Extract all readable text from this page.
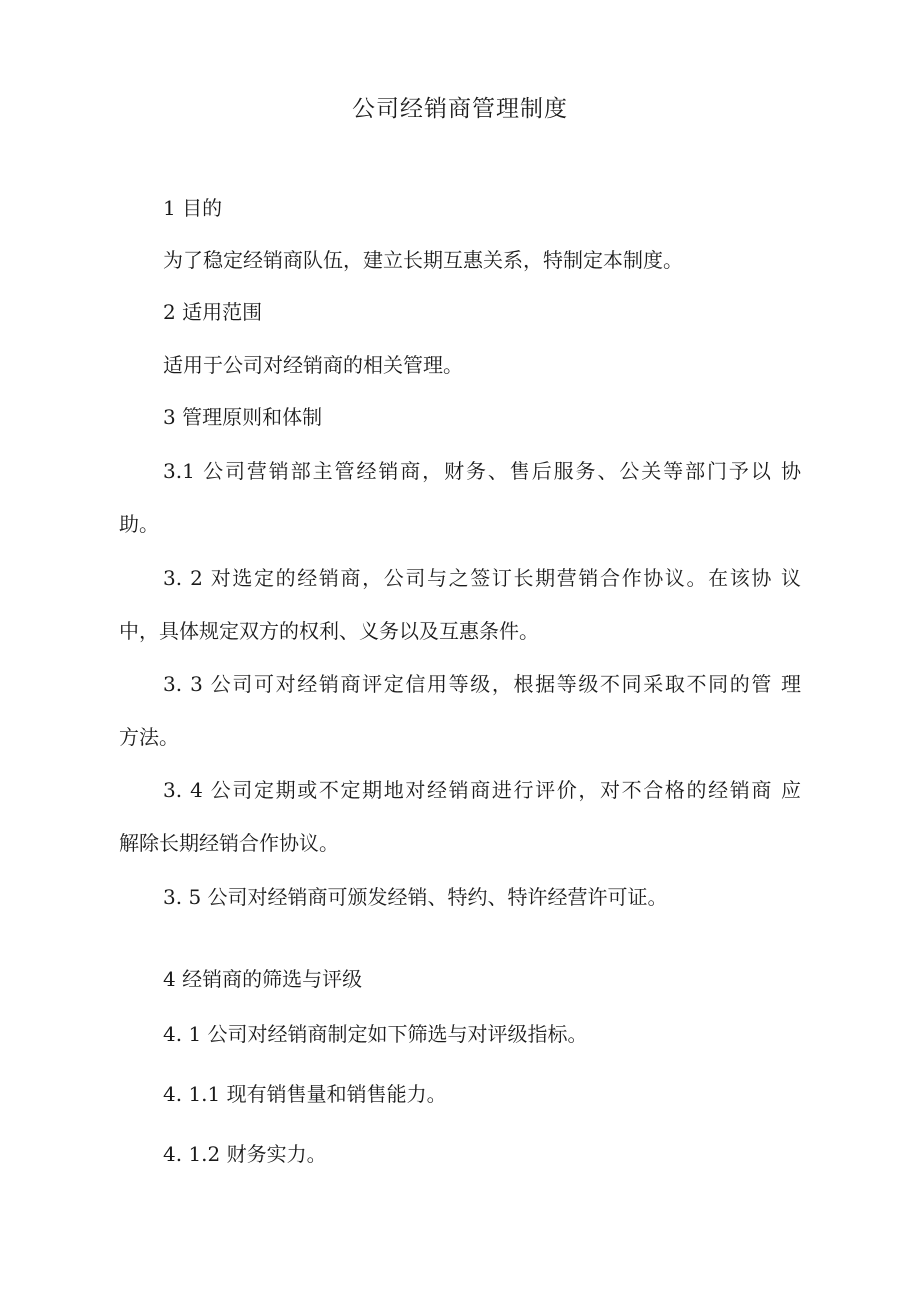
公司经销商管理制度
1 目的
为了稳定经销商队伍，建立长期互惠关系，特制定本制度。
2 适用范围
适用于公司对经销商的相关管理。
3 管理原则和体制
3.1 公司营销部主管经销商，财务、售后服务、公关等部门予以 协
助。
3. 2 对选定的经销商，公司与之签订长期营销合作协议。在该协 议
中，具体规定双方的权利、义务以及互惠条件。
3. 3 公司可对经销商评定信用等级，根据等级不同采取不同的管 理
方法。
3. 4 公司定期或不定期地对经销商进行评价，对不合格的经销商 应
解除长期经销合作协议。
3. 5 公司对经销商可颁发经销、特约、特许经营许可证。
4 经销商的筛选与评级
4. 1 公司对经销商制定如下筛选与对评级指标。
4. 1.1 现有销售量和销售能力。
4. 1.2 财务实力。
